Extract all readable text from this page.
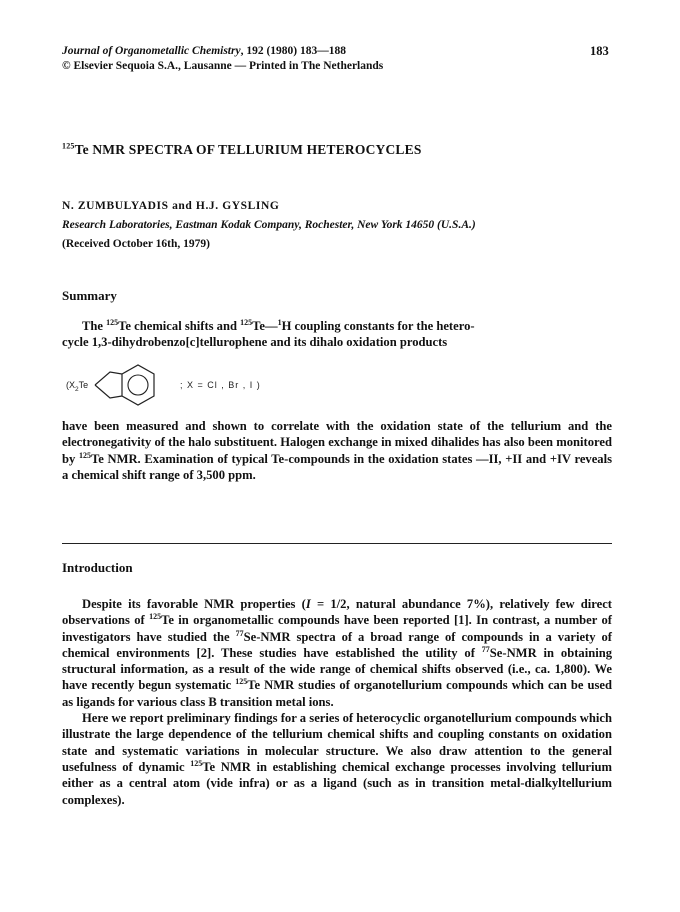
Journal of Organometallic Chemistry, 192 (1980) 183—188
© Elsevier Sequoia S.A., Lausanne — Printed in The Netherlands
183
$^{125}$Te NMR SPECTRA OF TELLURIUM HETEROCYCLES
N. ZUMBULYADIS and H.J. GYSLING
Research Laboratories, Eastman Kodak Company, Rochester, New York 14650 (U.S.A.)
(Received October 16th, 1979)
Summary

The $^{125}$Te chemical shifts and $^{125}$Te—$^1$H coupling constants for the hetero-

cycle 1,3-dihydrobenzo[c]tellurophene and its dihalo oxidation products

($X_2Te$	; X = Cl , Br , I )

have been measured and shown to correlate with the oxidation state of the tellurium and the electronegativity of the halo substituent. Halogen exchange in mixed dihalides has also been monitored by $^{125}$Te NMR. Examination of typical Te-compounds in the oxidation states —II, +II and +IV reveals a chemical shift range of 3,500 ppm.

Introduction

Despite its favorable NMR properties (I = 1/2, natural abundance 7%), relatively few direct observations of $^{125}$Te in organometallic compounds have been reported [1]. In contrast, a number of investigators have studied the $^{77}$Se-NMR spectra of a broad range of compounds in a variety of chemical environments [2]. These studies have established the utility of $^{77}$Se-NMR in obtaining structural information, as a result of the wide range of chemical shifts observed (i.e., ca. 1,800). We have recently begun systematic $^{125}$Te NMR studies of organotellurium compounds which can be used as ligands for various class B transition metal ions.

Here we report preliminary findings for a series of heterocyclic organotellurium compounds which illustrate the large dependence of the tellurium chemical shifts and coupling constants on oxidation state and systematic variations in molecular structure. We also draw attention to the general usefulness of dynamic $^{125}$Te NMR in establishing chemical exchange processes involving tellurium either as a central atom (vide infra) or as a ligand (such as in transition metal-dialkyltellurium complexes).
